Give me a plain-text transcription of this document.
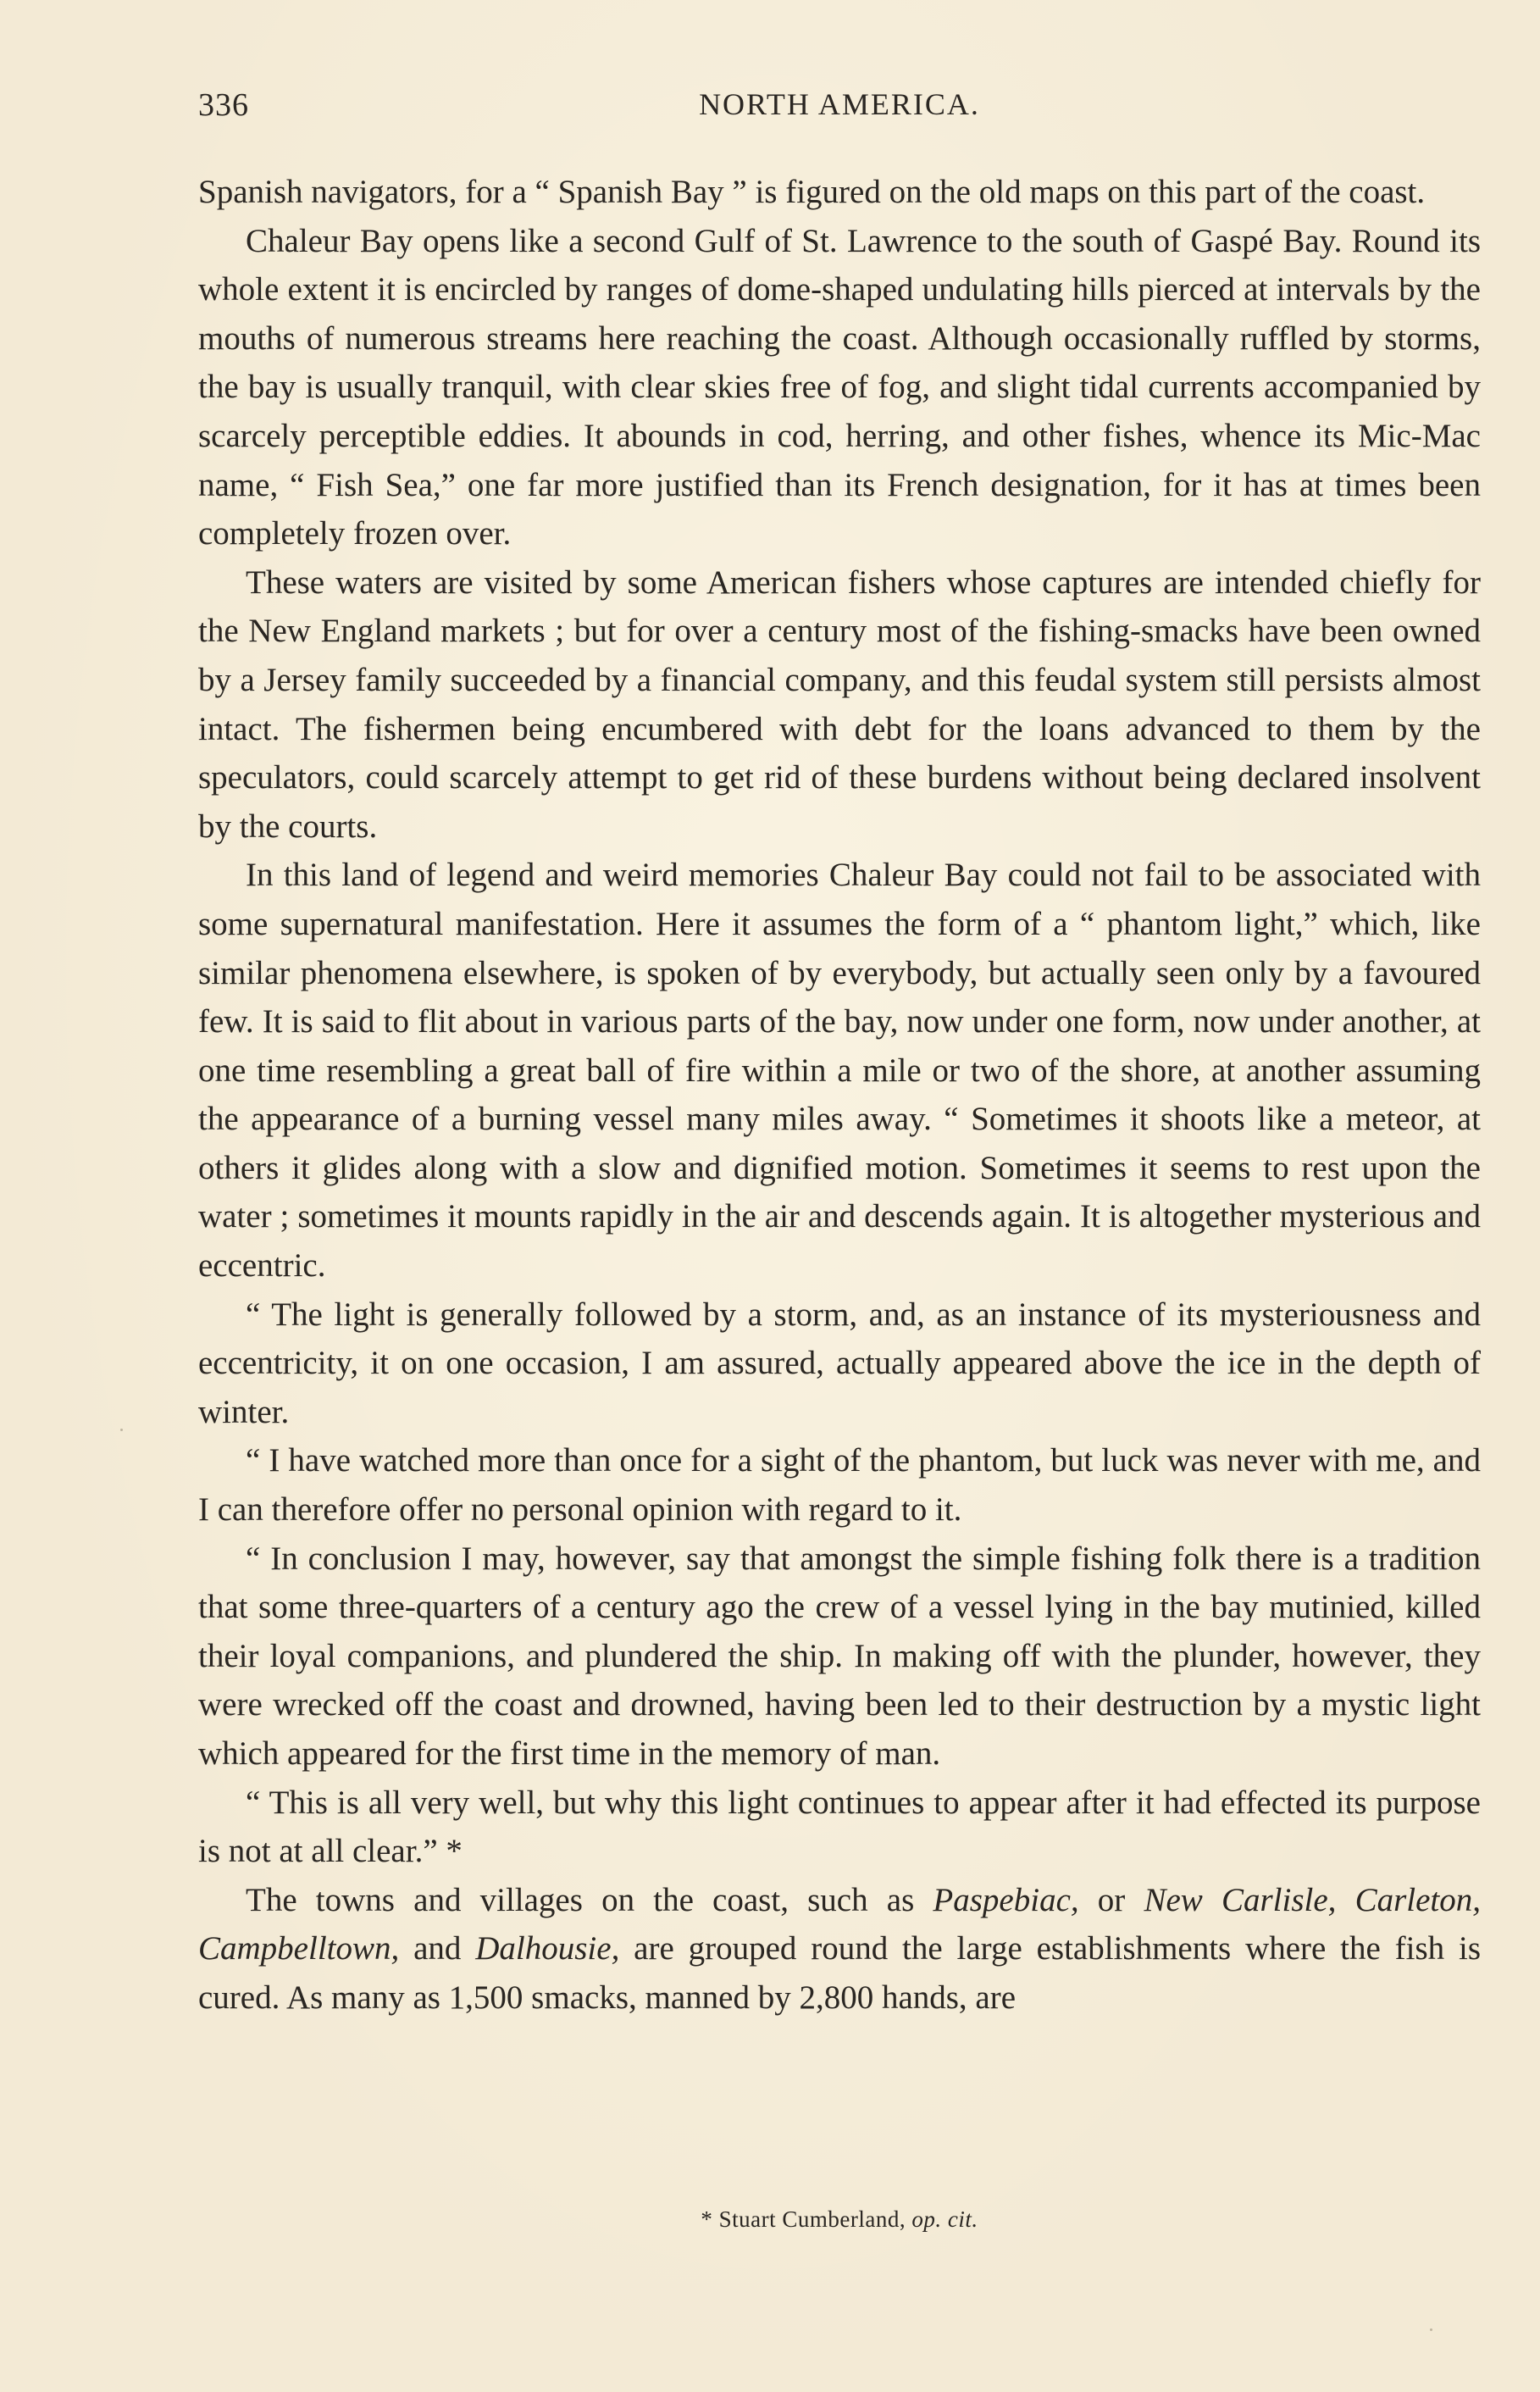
336	NORTH AMERICA.

Spanish navigators, for a “ Spanish Bay ” is figured on the old maps on this part of the coast.

Chaleur Bay opens like a second Gulf of St. Lawrence to the south of Gaspé Bay. Round its whole extent it is encircled by ranges of dome-shaped undulating hills pierced at intervals by the mouths of numerous streams here reaching the coast. Although occasionally ruffled by storms, the bay is usually tranquil, with clear skies free of fog, and slight tidal currents accompanied by scarcely perceptible eddies. It abounds in cod, herring, and other fishes, whence its Mic-Mac name, “ Fish Sea,” one far more justified than its French designation, for it has at times been completely frozen over.

These waters are visited by some American fishers whose captures are intended chiefly for the New England markets ; but for over a century most of the fishing-smacks have been owned by a Jersey family succeeded by a financial company, and this feudal system still persists almost intact. The fishermen being encumbered with debt for the loans advanced to them by the speculators, could scarcely attempt to get rid of these burdens without being declared insolvent by the courts.

In this land of legend and weird memories Chaleur Bay could not fail to be associated with some supernatural manifestation. Here it assumes the form of a “ phantom light,” which, like similar phenomena elsewhere, is spoken of by everybody, but actually seen only by a favoured few. It is said to flit about in various parts of the bay, now under one form, now under another, at one time resembling a great ball of fire within a mile or two of the shore, at another assuming the appearance of a burning vessel many miles away. “ Sometimes it shoots like a meteor, at others it glides along with a slow and dignified motion. Sometimes it seems to rest upon the water ; sometimes it mounts rapidly in the air and descends again. It is altogether mysterious and eccentric.

“ The light is generally followed by a storm, and, as an instance of its mysteriousness and eccentricity, it on one occasion, I am assured, actually appeared above the ice in the depth of winter.

“ I have watched more than once for a sight of the phantom, but luck was never with me, and I can therefore offer no personal opinion with regard to it.

“ In conclusion I may, however, say that amongst the simple fishing folk there is a tradition that some three-quarters of a century ago the crew of a vessel lying in the bay mutinied, killed their loyal companions, and plundered the ship. In making off with the plunder, however, they were wrecked off the coast and drowned, having been led to their destruction by a mystic light which appeared for the first time in the memory of man.

“ This is all very well, but why this light continues to appear after it had effected its purpose is not at all clear.” *

The towns and villages on the coast, such as Paspebiac, or New Carlisle, Carleton, Campbelltown, and Dalhousie, are grouped round the large establishments where the fish is cured. As many as 1,500 smacks, manned by 2,800 hands, are

* Stuart Cumberland, op. cit.
